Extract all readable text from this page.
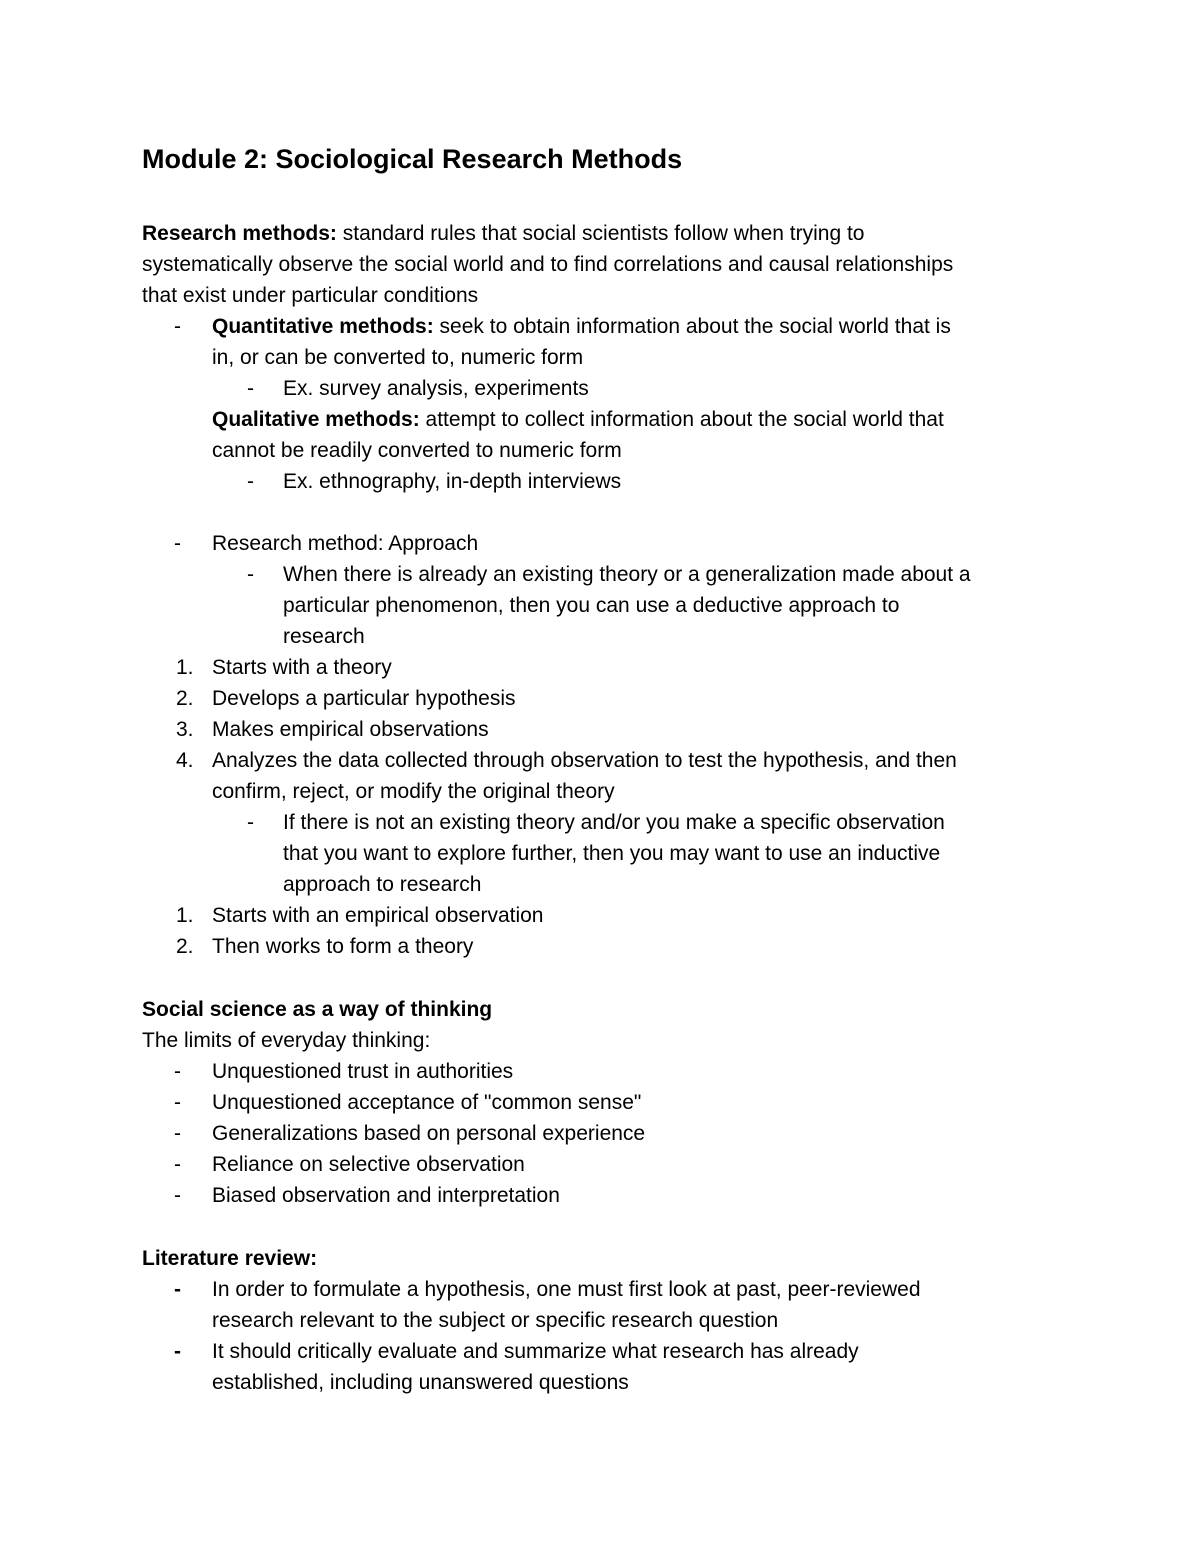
Module 2: Sociological Research Methods
Research methods: standard rules that social scientists follow when trying to
systematically observe the social world and to find correlations and causal relationships
that exist under particular conditions
- Quantitative methods: seek to obtain information about the social world that is
in, or can be converted to, numeric form
- Ex. survey analysis, experiments
Qualitative methods: attempt to collect information about the social world that
cannot be readily converted to numeric form
- Ex. ethnography, in-depth interviews
- Research method: Approach
- When there is already an existing theory or a generalization made about a
particular phenomenon, then you can use a deductive approach to
research
1. Starts with a theory
2. Develops a particular hypothesis
3. Makes empirical observations
4. Analyzes the data collected through observation to test the hypothesis, and then
confirm, reject, or modify the original theory
- If there is not an existing theory and/or you make a specific observation
that you want to explore further, then you may want to use an inductive
approach to research
1. Starts with an empirical observation
2. Then works to form a theory
Social science as a way of thinking
The limits of everyday thinking:
- Unquestioned trust in authorities
- Unquestioned acceptance of "common sense"
- Generalizations based on personal experience
- Reliance on selective observation
- Biased observation and interpretation
Literature review:
- In order to formulate a hypothesis, one must first look at past, peer-reviewed
research relevant to the subject or specific research question
- It should critically evaluate and summarize what research has already
established, including unanswered questions
